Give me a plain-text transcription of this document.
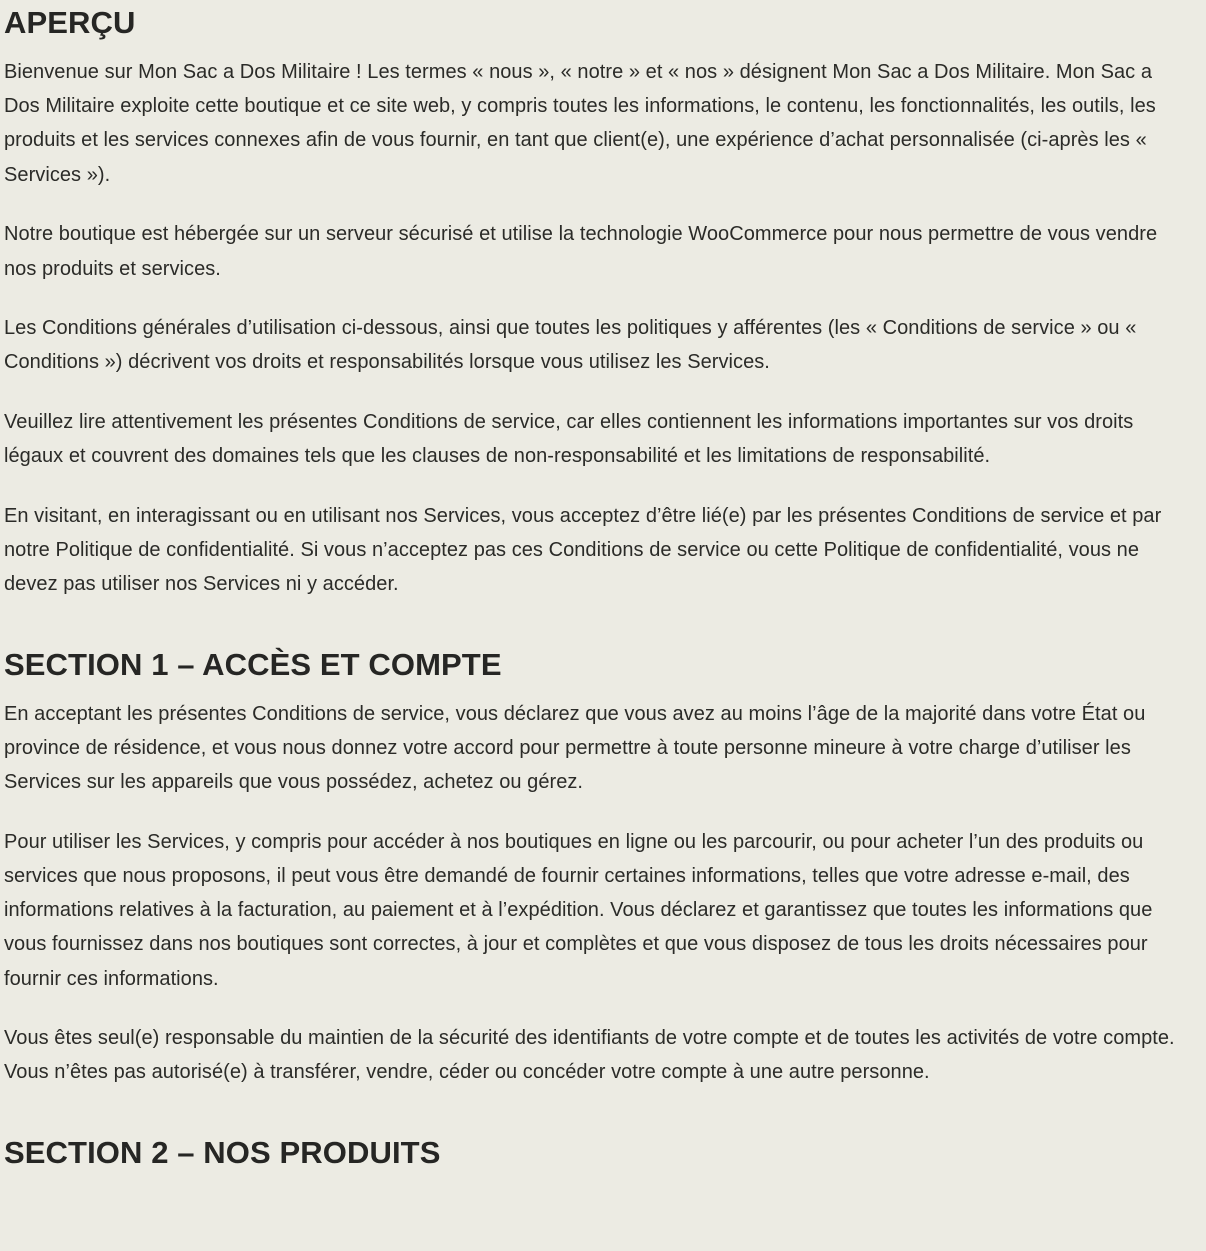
APERÇU

Bienvenue sur Mon Sac a Dos Militaire ! Les termes « nous », « notre » et « nos » désignent Mon Sac a Dos Militaire. Mon Sac a Dos Militaire exploite cette boutique et ce site web, y compris toutes les informations, le contenu, les fonctionnalités, les outils, les produits et les services connexes afin de vous fournir, en tant que client(e), une expérience d’achat personnalisée (ci-après les « Services »).

Notre boutique est hébergée sur un serveur sécurisé et utilise la technologie WooCommerce pour nous permettre de vous vendre nos produits et services.

Les Conditions générales d’utilisation ci-dessous, ainsi que toutes les politiques y afférentes (les « Conditions de service » ou « Conditions ») décrivent vos droits et responsabilités lorsque vous utilisez les Services.

Veuillez lire attentivement les présentes Conditions de service, car elles contiennent les informations importantes sur vos droits légaux et couvrent des domaines tels que les clauses de non-responsabilité et les limitations de responsabilité.

En visitant, en interagissant ou en utilisant nos Services, vous acceptez d’être lié(e) par les présentes Conditions de service et par notre Politique de confidentialité. Si vous n’acceptez pas ces Conditions de service ou cette Politique de confidentialité, vous ne devez pas utiliser nos Services ni y accéder.

SECTION 1 – ACCÈS ET COMPTE

En acceptant les présentes Conditions de service, vous déclarez que vous avez au moins l’âge de la majorité dans votre État ou province de résidence, et vous nous donnez votre accord pour permettre à toute personne mineure à votre charge d’utiliser les Services sur les appareils que vous possédez, achetez ou gérez.

Pour utiliser les Services, y compris pour accéder à nos boutiques en ligne ou les parcourir, ou pour acheter l’un des produits ou services que nous proposons, il peut vous être demandé de fournir certaines informations, telles que votre adresse e-mail, des informations relatives à la facturation, au paiement et à l’expédition. Vous déclarez et garantissez que toutes les informations que vous fournissez dans nos boutiques sont correctes, à jour et complètes et que vous disposez de tous les droits nécessaires pour fournir ces informations.

Vous êtes seul(e) responsable du maintien de la sécurité des identifiants de votre compte et de toutes les activités de votre compte. Vous n’êtes pas autorisé(e) à transférer, vendre, céder ou concéder votre compte à une autre personne.

SECTION 2 – NOS PRODUITS
